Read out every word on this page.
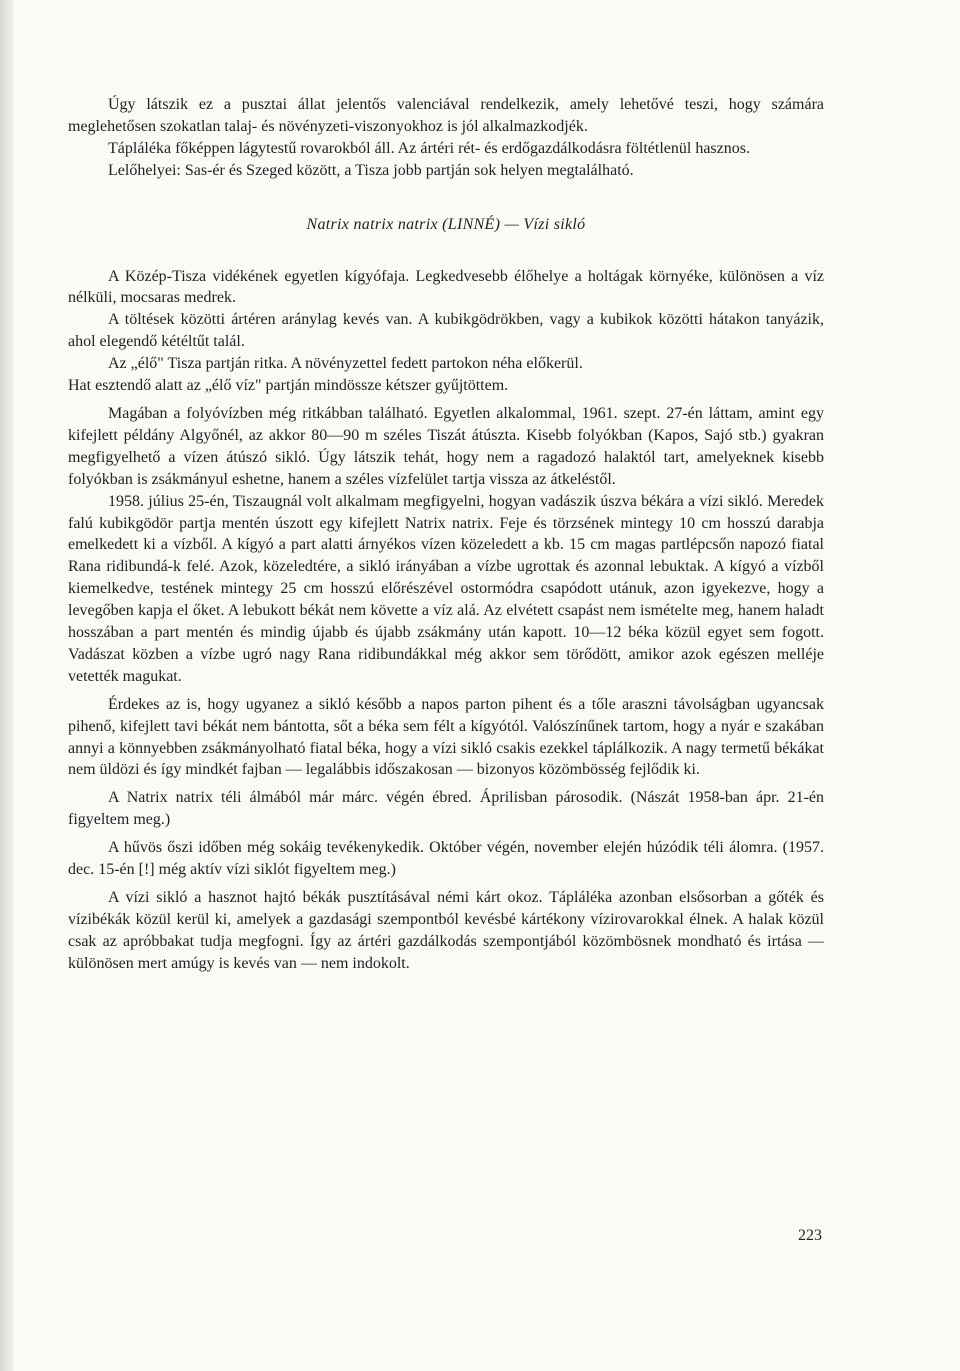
Úgy látszik ez a pusztai állat jelentős valenciával rendelkezik, amely lehetővé teszi, hogy számára meglehetősen szokatlan talaj- és növényzeti-viszonyokhoz is jól alkalmazkodjék.

Tápláléka főképpen lágytestű rovarokból áll. Az ártéri rét- és erdőgazdálkodásra föltétlenül hasznos.

Lelőhelyei: Sas-ér és Szeged között, a Tisza jobb partján sok helyen megtalálható.

Natrix natrix natrix (LINNÉ) — Vízi sikló

A Közép-Tisza vidékének egyetlen kígyófaja. Legkedvesebb élőhelye a holtágak környéke, különösen a víz nélküli, mocsaras medrek.

A töltések közötti ártéren aránylag kevés van. A kubikgödrökben, vagy a kubikok közötti hátakon tanyázik, ahol elegendő kétéltűt talál.

Az „élő" Tisza partján ritka. A növényzettel fedett partokon néha előkerül.

Hat esztendő alatt az „élő víz" partján mindössze kétszer gyűjtöttem.

Magában a folyóvízben még ritkábban található. Egyetlen alkalommal, 1961. szept. 27-én láttam, amint egy kifejlett példány Algyőnél, az akkor 80—90 m széles Tiszát átúszta. Kisebb folyókban (Kapos, Sajó stb.) gyakran megfigyelhető a vízen átúszó sikló. Úgy látszik tehát, hogy nem a ragadozó halaktól tart, amelyeknek kisebb folyókban is zsákmányul eshetne, hanem a széles vízfelület tartja vissza az átkeléstől.

1958. július 25-én, Tiszaugnál volt alkalmam megfigyelni, hogyan vadászik úszva békára a vízi sikló. Meredek falú kubikgödör partja mentén úszott egy kifejlett Natrix natrix. Feje és törzsének mintegy 10 cm hosszú darabja emelkedett ki a vízből. A kígyó a part alatti árnyékos vízen közeledett a kb. 15 cm magas partlépcsőn napozó fiatal Rana ridibundá-k felé. Azok, közeledtére, a sikló irányában a vízbe ugrottak és azonnal lebuktak. A kígyó a vízből kiemelkedve, testének mintegy 25 cm hosszú előrészével ostormódra csapódott utánuk, azon igyekezve, hogy a levegőben kapja el őket. A lebukott békát nem követte a víz alá. Az elvétett csapást nem ismételte meg, hanem haladt hosszában a part mentén és mindig újabb és újabb zsákmány után kapott. 10—12 béka közül egyet sem fogott. Vadászat közben a vízbe ugró nagy Rana ridibundákkal még akkor sem törődött, amikor azok egészen melléje vetették magukat.

Érdekes az is, hogy ugyanez a sikló később a napos parton pihent és a tőle araszni távolságban ugyancsak pihenő, kifejlett tavi békát nem bántotta, sőt a béka sem félt a kígyótól. Valószínűnek tartom, hogy a nyár e szakában annyi a könnyebben zsákmányolható fiatal béka, hogy a vízi sikló csakis ezekkel táplálkozik. A nagy termetű békákat nem üldözi és így mindkét fajban — legalábbis időszakosan — bizonyos közömbösség fejlődik ki.

A Natrix natrix téli álmából már márc. végén ébred. Áprilisban párosodik. (Nászát 1958-ban ápr. 21-én figyeltem meg.)

A hűvös őszi időben még sokáig tevékenykedik. Október végén, november elején húzódik téli álomra. (1957. dec. 15-én [!] még aktív vízi siklót figyeltem meg.)

A vízi sikló a hasznot hajtó békák pusztításával némi kárt okoz. Tápláléka azonban elsősorban a gőték és vízibékák közül kerül ki, amelyek a gazdasági szempontból kevésbé kártékony vízirovarokkal élnek. A halak közül csak az apróbbakat tudja megfogni. Így az ártéri gazdálkodás szempontjából közömbösnek mondható és irtása — különösen mert amúgy is kevés van — nem indokolt.

223
